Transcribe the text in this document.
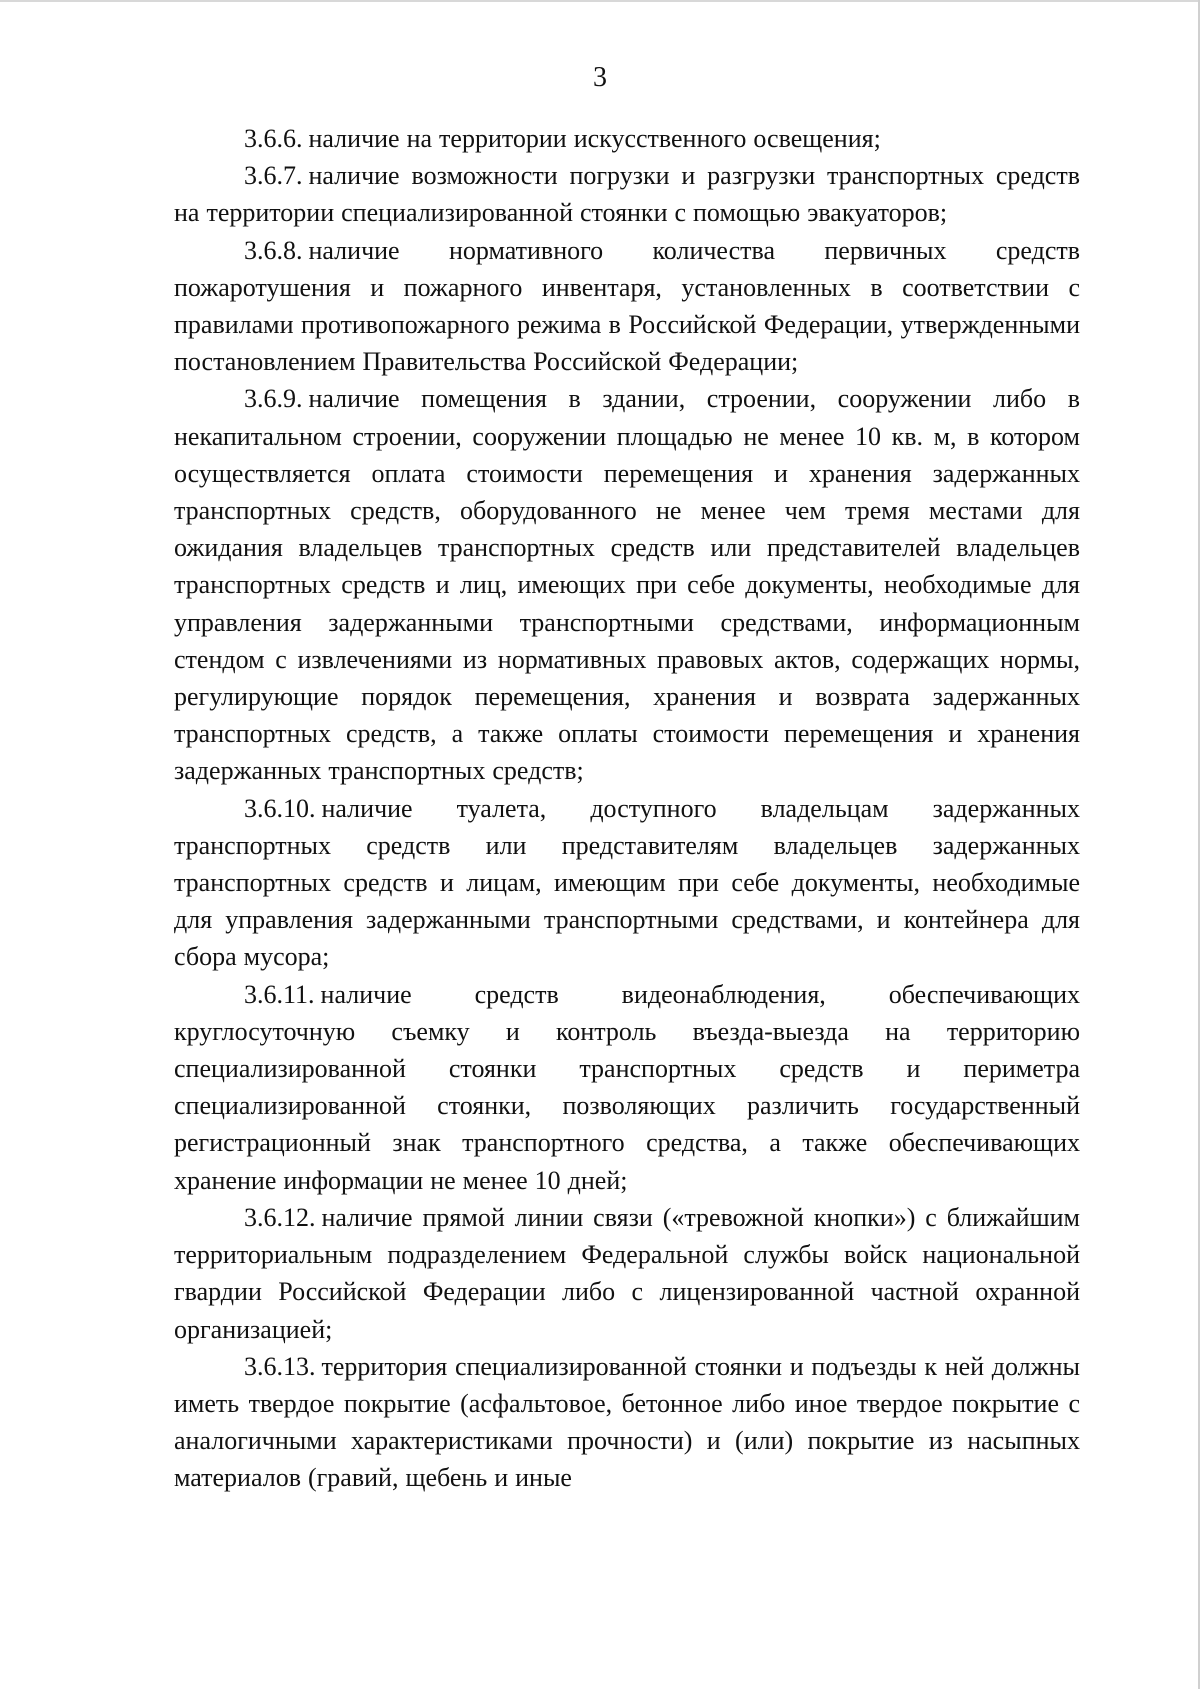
3

3.6.6. наличие на территории искусственного освещения;

3.6.7. наличие возможности погрузки и разгрузки транспортных средств на территории специализированной стоянки с помощью эвакуаторов;

3.6.8. наличие нормативного количества первичных средств пожаротушения и пожарного инвентаря, установленных в соответствии с правилами противопожарного режима в Российской Федерации, утвержденными постановлением Правительства Российской Федерации;

3.6.9. наличие помещения в здании, строении, сооружении либо в некапитальном строении, сооружении площадью не менее 10 кв. м, в котором осуществляется оплата стоимости перемещения и хранения задержанных транспортных средств, оборудованного не менее чем тремя местами для ожидания владельцев транспортных средств или представителей владельцев транспортных средств и лиц, имеющих при себе документы, необходимые для управления задержанными транспортными средствами, информационным стендом с извлечениями из нормативных правовых актов, содержащих нормы, регулирующие порядок перемещения, хранения и возврата задержанных транспортных средств, а также оплаты стоимости перемещения и хранения задержанных транспортных средств;

3.6.10. наличие туалета, доступного владельцам задержанных транспортных средств или представителям владельцев задержанных транспортных средств и лицам, имеющим при себе документы, необходимые для управления задержанными транспортными средствами, и контейнера для сбора мусора;

3.6.11. наличие средств видеонаблюдения, обеспечивающих круглосуточную съемку и контроль въезда-выезда на территорию специализированной стоянки транспортных средств и периметра специализированной стоянки, позволяющих различить государственный регистрационный знак транспортного средства, а также обеспечивающих хранение информации не менее 10 дней;

3.6.12. наличие прямой линии связи («тревожной кнопки») с ближайшим территориальным подразделением Федеральной службы войск национальной гвардии Российской Федерации либо с лицензированной частной охранной организацией;

3.6.13. территория специализированной стоянки и подъезды к ней должны иметь твердое покрытие (асфальтовое, бетонное либо иное твердое покрытие с аналогичными характеристиками прочности) и (или) покрытие из насыпных материалов (гравий, щебень и иные
